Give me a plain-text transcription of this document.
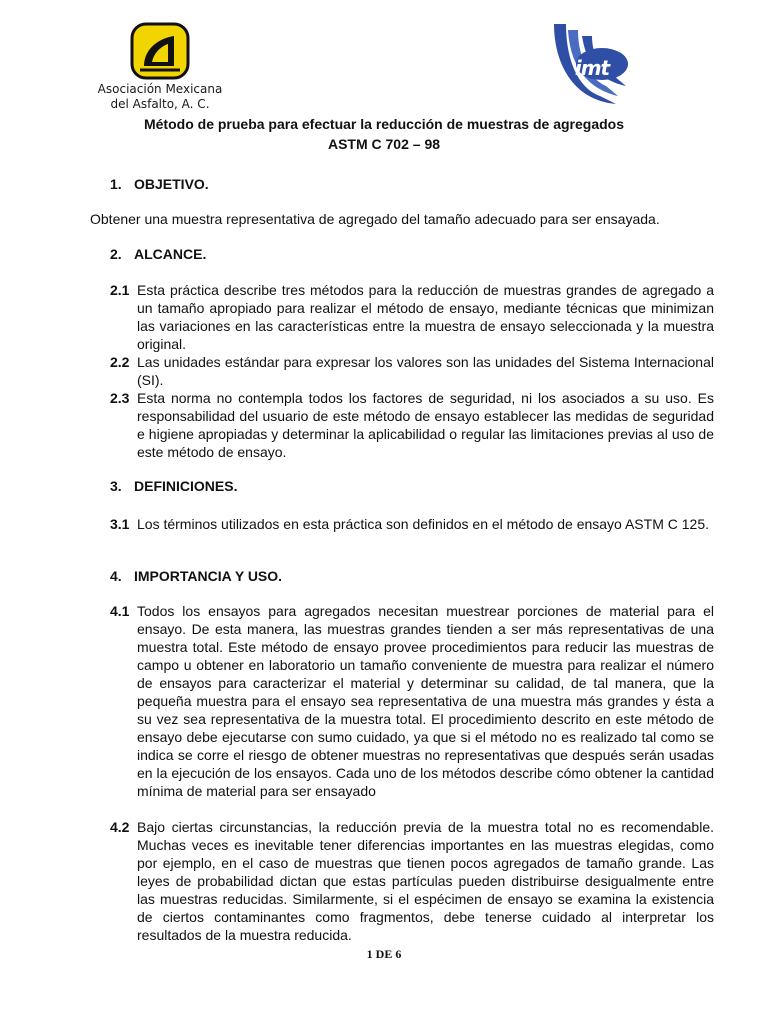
Asociación Mexicana
del Asfalto, A. C.
imt
Método de prueba para efectuar la reducción de muestras de agregados
ASTM C 702 – 98
1. OBJETIVO.
Obtener una muestra representativa de agregado del tamaño adecuado para ser ensayada.
2. ALCANCE.
2.1 Esta práctica describe tres métodos para la reducción de muestras grandes de agregado a un tamaño apropiado para realizar el método de ensayo, mediante técnicas que minimizan las variaciones en las características entre la muestra de ensayo seleccionada y la muestra original.
2.2 Las unidades estándar para expresar los valores son las unidades del Sistema Internacional (SI).
2.3 Esta norma no contempla todos los factores de seguridad, ni los asociados a su uso. Es responsabilidad del usuario de este método de ensayo establecer las medidas de seguridad e higiene apropiadas y determinar la aplicabilidad o regular las limitaciones previas al uso de este método de ensayo.
3. DEFINICIONES.
3.1 Los términos utilizados en esta práctica son definidos en el método de ensayo ASTM C 125.
4. IMPORTANCIA Y USO.
4.1 Todos los ensayos para agregados necesitan muestrear porciones de material para el ensayo. De esta manera, las muestras grandes tienden a ser más representativas de una muestra total. Este método de ensayo provee procedimientos para reducir las muestras de campo u obtener en laboratorio un tamaño conveniente de muestra para realizar el número de ensayos para caracterizar el material y determinar su calidad, de tal manera, que la pequeña muestra para el ensayo sea representativa de una muestra más grandes y ésta a su vez sea representativa de la muestra total. El procedimiento descrito en este método de ensayo debe ejecutarse con sumo cuidado, ya que si el método no es realizado tal como se indica se corre el riesgo de obtener muestras no representativas que después serán usadas en la ejecución de los ensayos. Cada uno de los métodos describe cómo obtener la cantidad mínima de material para ser ensayado
4.2 Bajo ciertas circunstancias, la reducción previa de la muestra total no es recomendable. Muchas veces es inevitable tener diferencias importantes en las muestras elegidas, como por ejemplo, en el caso de muestras que tienen pocos agregados de tamaño grande. Las leyes de probabilidad dictan que estas partículas pueden distribuirse desigualmente entre las muestras reducidas. Similarmente, si el espécimen de ensayo se examina la existencia de ciertos contaminantes como fragmentos, debe tenerse cuidado al interpretar los resultados de la muestra reducida.
1 DE 6
